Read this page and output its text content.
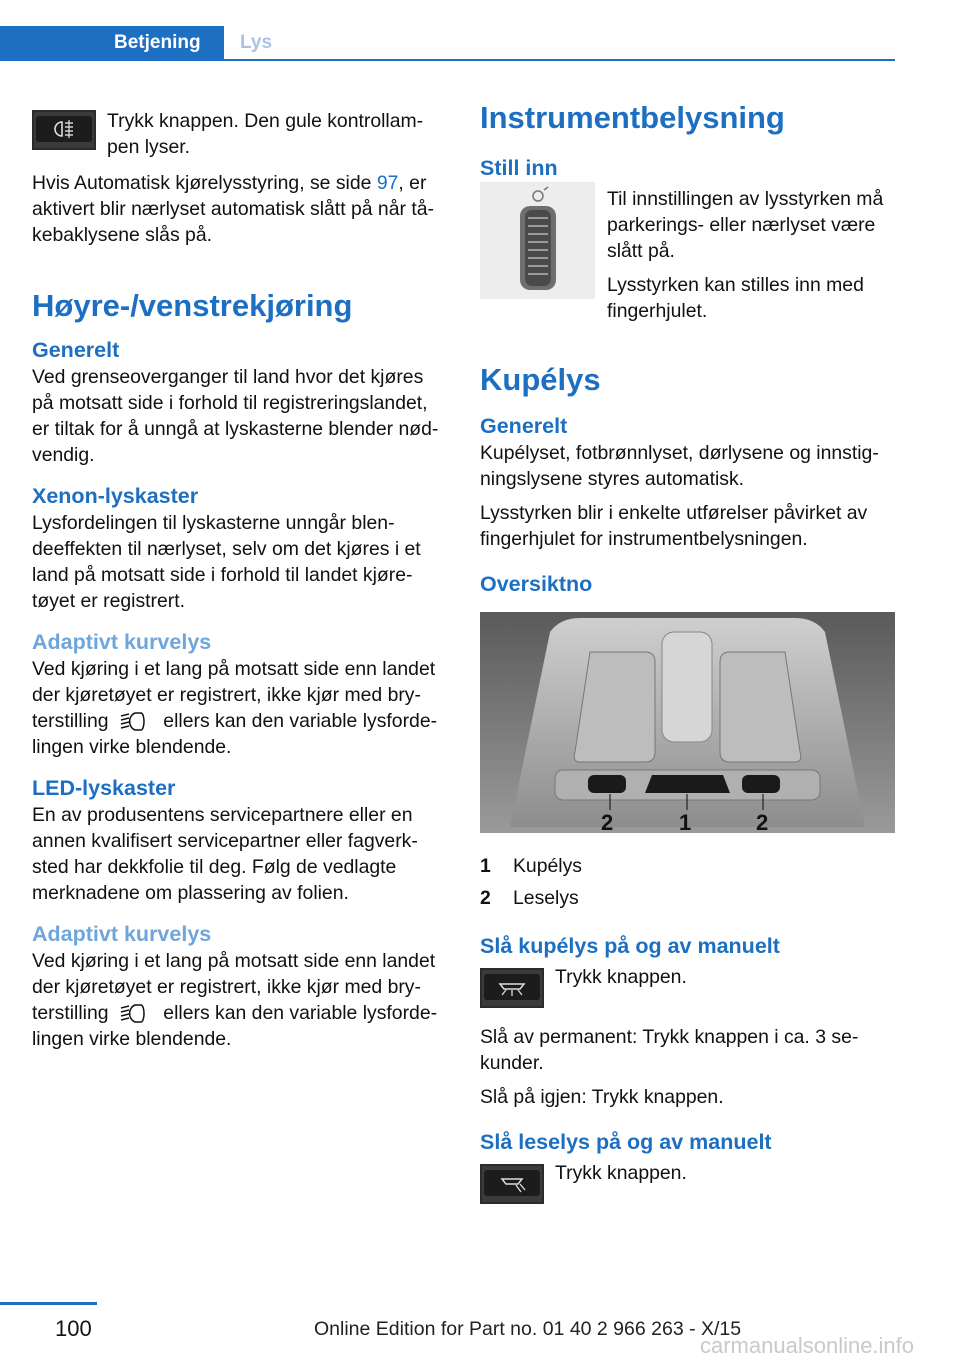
Betjening Lys

Trykk knappen. Den gule kontrollam-
pen lyser.

Hvis Automatisk kjørelysstyring, se side 97, er aktivert blir nærlyset automatisk slått på når tå-kebaklysene slås på.

Høyre-/venstrekjøring
Generelt

Ved grenseoverganger til land hvor det kjøres på motsatt side i forhold til registreringslandet, er tiltak for å unngå at lyskasterne blender nød-vendig.

Xenon-lyskaster

Lysfordelingen til lyskasterne unngår blen-deeffekten til nærlyset, selv om det kjøres i et land på motsatt side i forhold til landet kjøre-tøyet er registrert.

Adaptivt kurvelys

Ved kjøring i et lang på motsatt side enn landet der kjøretøyet er registrert, ikke kjør med bry-terstilling	ellers kan den variable lysforde-lingen virke blendende.

LED-lyskaster

En av produsentens servicepartnere eller en annen kvalifisert servicepartner eller fagverk-sted har dekkfolie til deg. Følg de vedlagte merknadene om plassering av folien.

Adaptivt kurvelys

Ved kjøring i et lang på motsatt side enn landet der kjøretøyet er registrert, ikke kjør med bry-terstilling	ellers kan den variable lysforde-lingen virke blendende.

Instrumentbelysning
Still inn

Til innstillingen av lysstyrken må parkerings- eller nærlyset være slått på.

Lysstyrken kan stilles inn med fingerhjulet.

Kupélys
Generelt

Kupélyset, fotbrønnlyset, dørlysene og innstig-ningslysene styres automatisk.

Lysstyrken blir i enkelte utførelser påvirket av fingerhjulet for instrumentbelysningen.

Oversiktno
2	1	2
1 Kupélys
2 Leselys
Slå kupélys på og av manuelt

Trykk knappen.

Slå av permanent: Trykk knappen i ca. 3 se-kunder.

Slå på igjen: Trykk knappen.

Slå leselys på og av manuelt

Trykk knappen.

100	Online Edition for Part no. 01 40 2 966 263 - X/15
carmanualsonline.info
